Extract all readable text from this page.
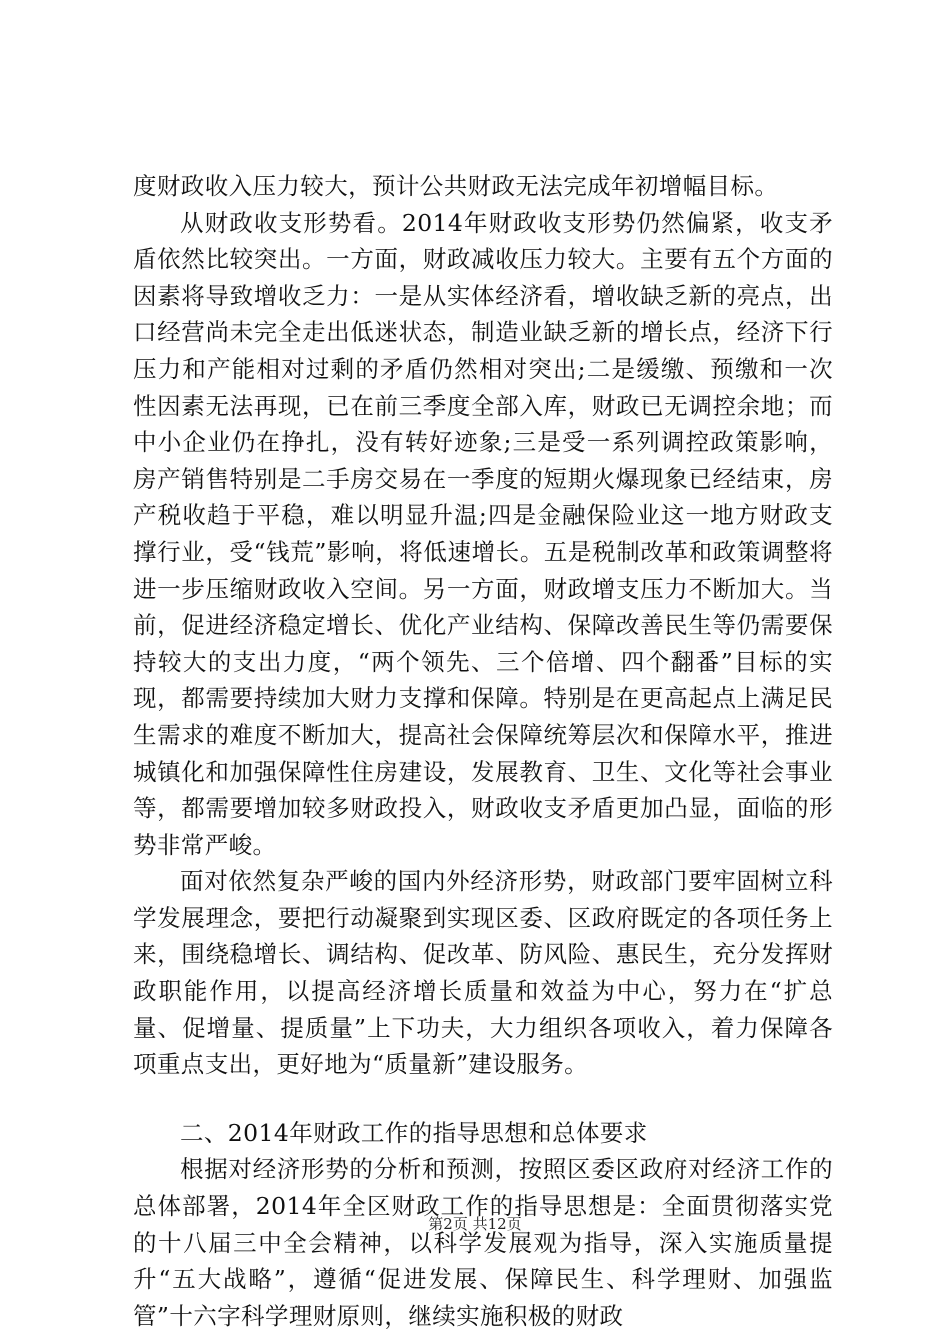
度财政收入压力较大，预计公共财政无法完成年初增幅目标。

从财政收支形势看。2014年财政收支形势仍然偏紧，收支矛盾依然比较突出。一方面，财政减收压力较大。主要有五个方面的因素将导致增收乏力：一是从实体经济看，增收缺乏新的亮点，出口经营尚未完全走出低迷状态，制造业缺乏新的增长点，经济下行压力和产能相对过剩的矛盾仍然相对突出;二是缓缴、预缴和一次性因素无法再现，已在前三季度全部入库，财政已无调控余地；而中小企业仍在挣扎，没有转好迹象;三是受一系列调控政策影响，房产销售特别是二手房交易在一季度的短期火爆现象已经结束，房产税收趋于平稳，难以明显升温;四是金融保险业这一地方财政支撑行业，受“钱荒”影响，将低速增长。五是税制改革和政策调整将进一步压缩财政收入空间。另一方面，财政增支压力不断加大。当前，促进经济稳定增长、优化产业结构、保障改善民生等仍需要保持较大的支出力度，“两个领先、三个倍增、四个翻番”目标的实现，都需要持续加大财力支撑和保障。特别是在更高起点上满足民生需求的难度不断加大，提高社会保障统筹层次和保障水平，推进城镇化和加强保障性住房建设，发展教育、卫生、文化等社会事业等，都需要增加较多财政投入，财政收支矛盾更加凸显，面临的形势非常严峻。

面对依然复杂严峻的国内外经济形势，财政部门要牢固树立科学发展理念，要把行动凝聚到实现区委、区政府既定的各项任务上来，围绕稳增长、调结构、促改革、防风险、惠民生，充分发挥财政职能作用，以提高经济增长质量和效益为中心，努力在“扩总量、促增量、提质量”上下功夫，大力组织各项收入，着力保障各项重点支出，更好地为“质量新”建设服务。

二、2014年财政工作的指导思想和总体要求

根据对经济形势的分析和预测，按照区委区政府对经济工作的总体部署，2014年全区财政工作的指导思想是：全面贯彻落实党的十八届三中全会精神，以科学发展观为指导，深入实施质量提升“五大战略”，遵循“促进发展、保障民生、科学理财、加强监管”十六字科学理财原则，继续实施积极的财政

第2页 共12页
